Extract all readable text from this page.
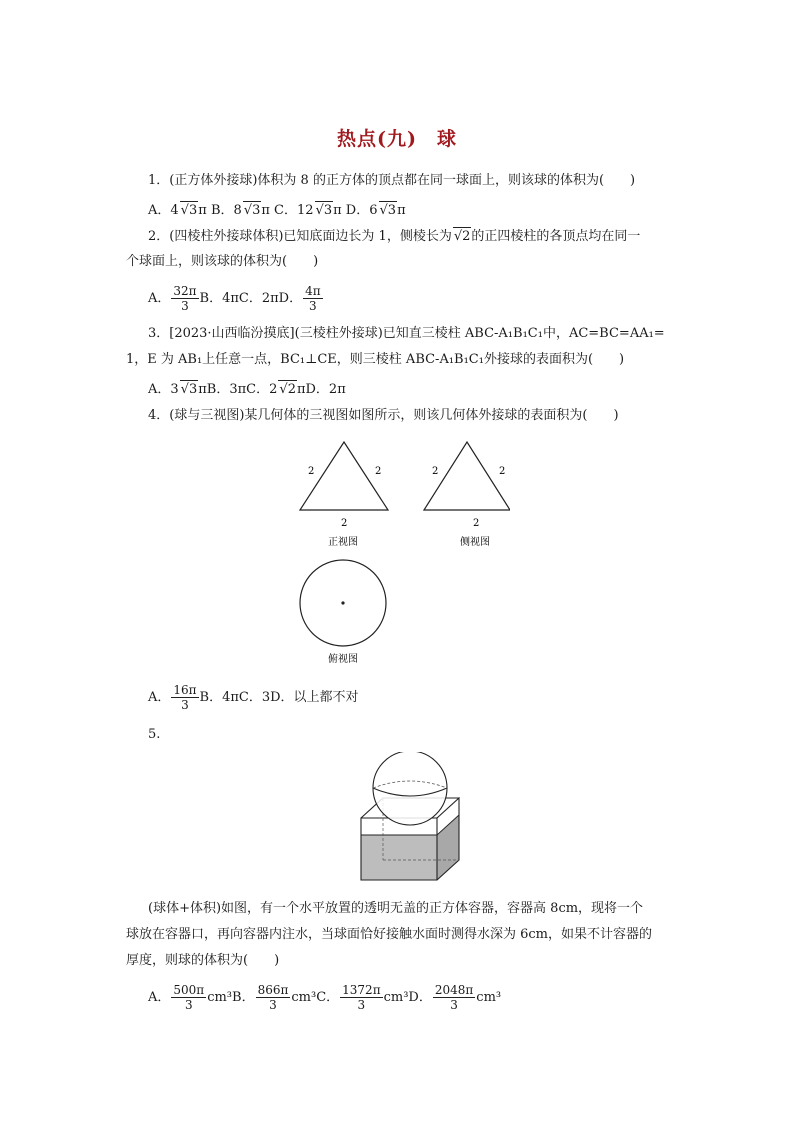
热点(九)　球
1．(正方体外接球)体积为 8 的正方体的顶点都在同一球面上，则该球的体积为(　　)
A．4 √3π B．8 √3π C．12 √3π D．6 √3π
2．(四棱柱外接球体积)已知底面边长为 1，侧棱长为 √2的正四棱柱的各顶点均在同一
个球面上，则该球的体积为(　　)
A． $\frac{32\pi}{3}$ B．4πC．2πD． $\frac{4\pi}{3}$
3．[2023·山西临汾摸底](三棱柱外接球)已知直三棱柱 ABC-A₁B₁C₁中，AC=BC=AA₁=
1，E 为 AB₁上任意一点，BC₁⊥CE，则三棱柱 ABC-A₁B₁C₁外接球的表面积为(　　)
A．3 √3πB．3πC．2 √2πD．2π
4．(球与三视图)某几何体的三视图如图所示，则该几何体外接球的表面积为(　　)
2	2
2
正视图
2	2
2
侧视图
俯视图
A． $\frac{16\pi}{3}$ B．4πC．3D．以上都不对
5.
(球体+体积)如图，有一个水平放置的透明无盖的正方体容器，容器高 8cm，现将一个
球放在容器口，再向容器内注水，当球面恰好接触水面时测得水深为 6cm，如果不计容器的
厚度，则球的体积为(　　)
A． $\frac{500\pi}{3} cm^3B$． $\frac{866\pi}{3} cm^3C$． $\frac{1372\pi}{3} cm^3D$． $\frac{2048\pi}{3} cm^3$
